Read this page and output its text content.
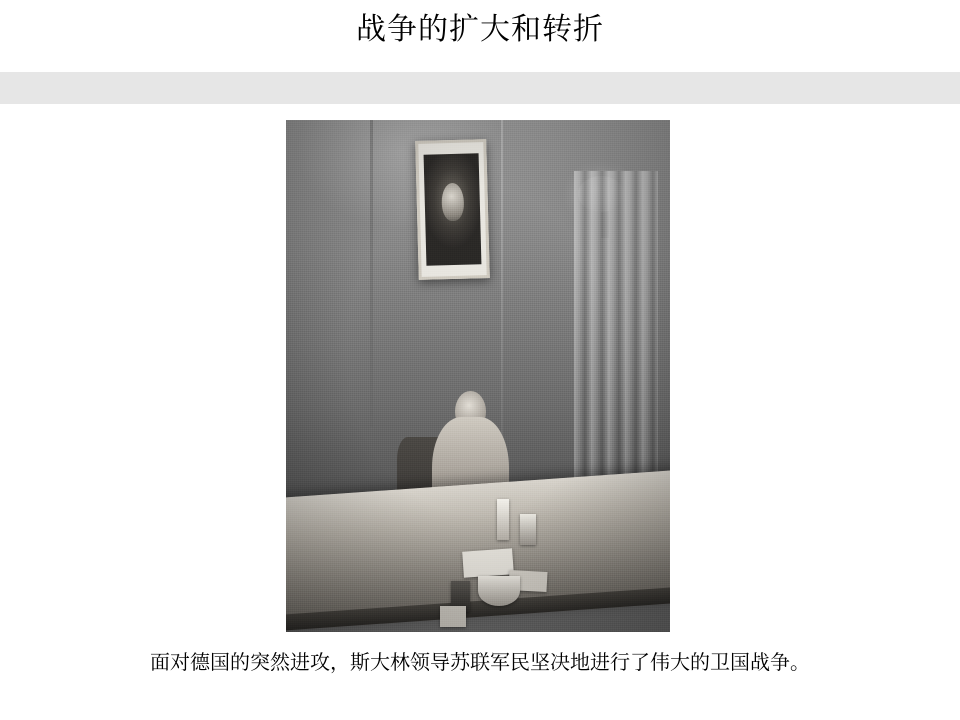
战争的扩大和转折
面对德国的突然进攻，斯大林领导苏联军民坚决地进行了伟大的卫国战争。
